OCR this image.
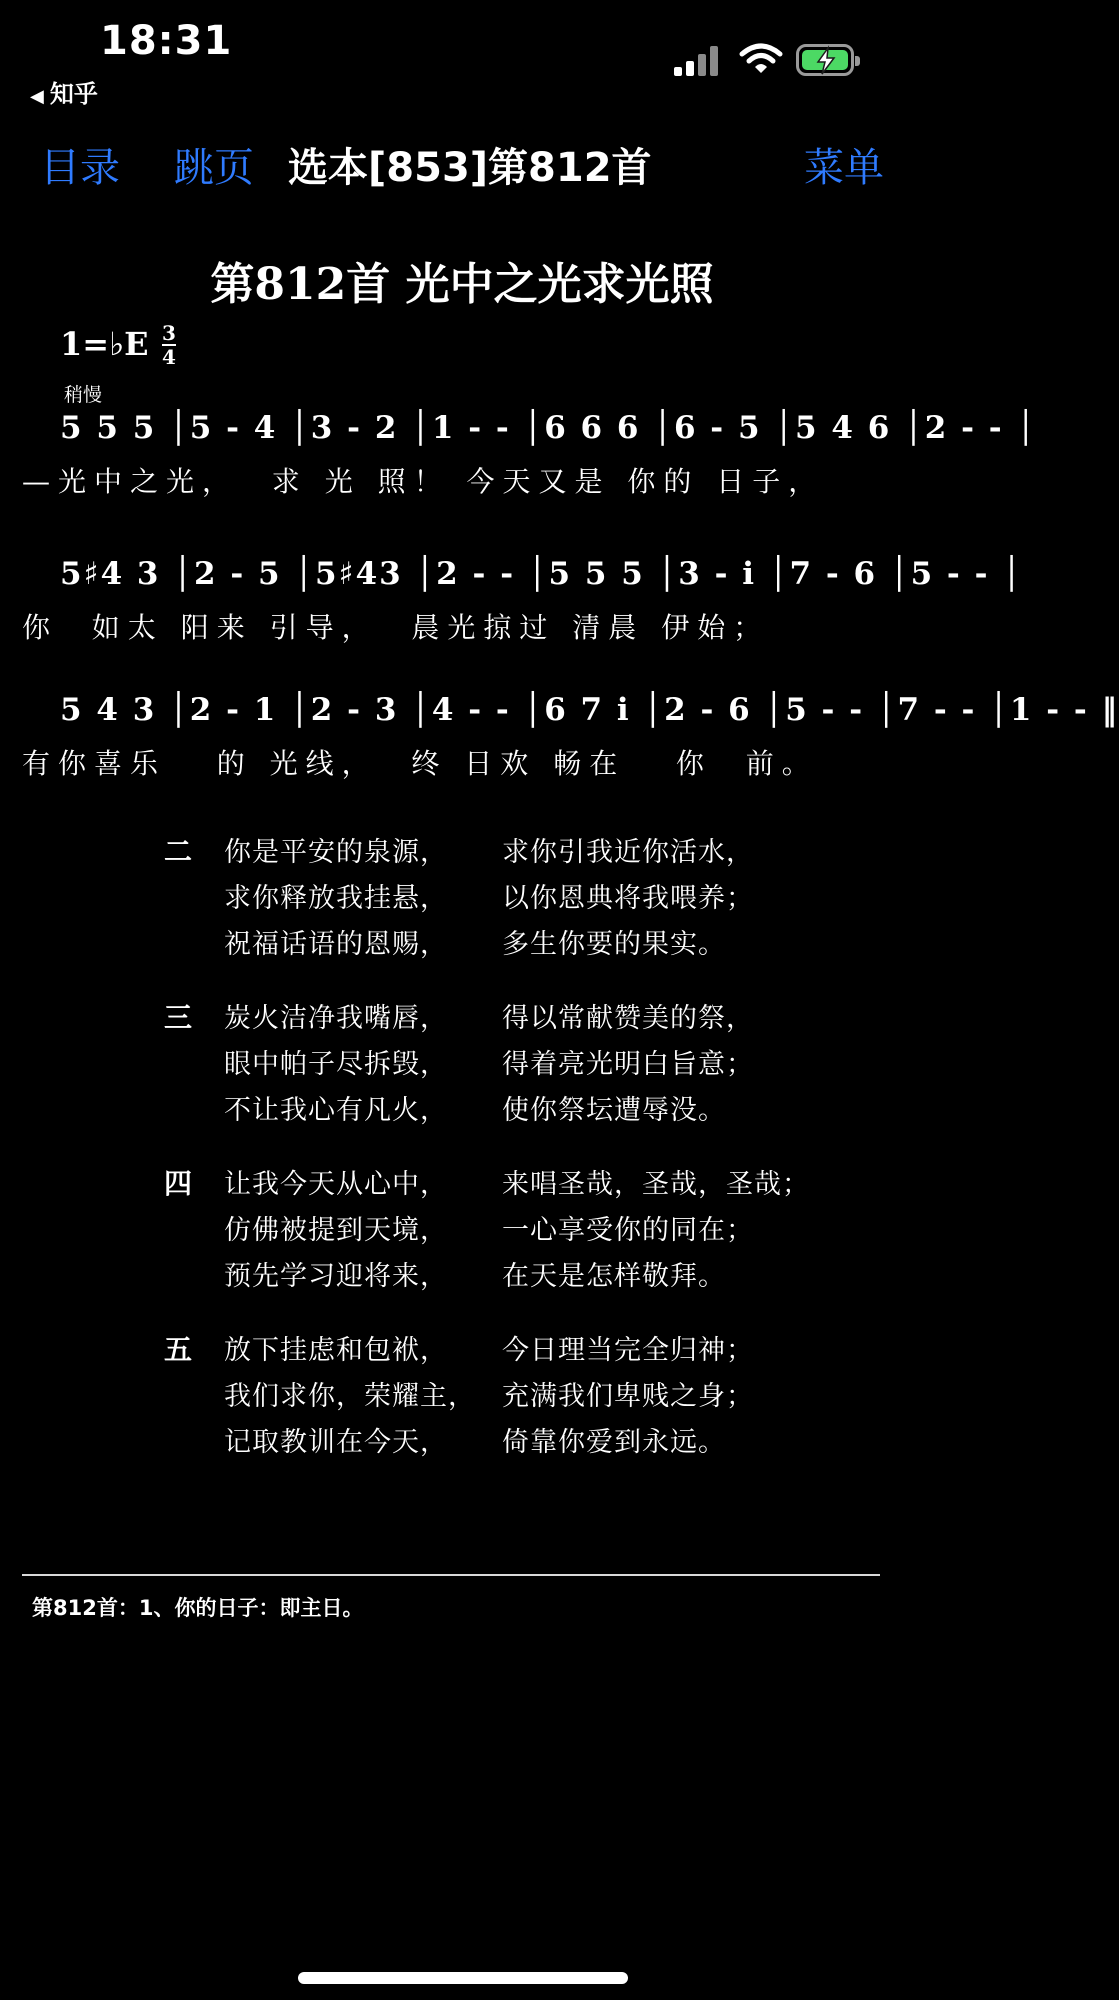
18:31
◀ 知乎
目录 跳页 选本[853]第812首	菜单
第812首 光中之光求光照
1=♭E 3
4
稍慢
5 5 5 │5 - 4 │3 - 2 │1 - - │6 6 6 │6 - 5 │5 4 6 │2 - - │
—光中之光，  求 光 照！ 今天又是 你的 日子，
5♯4 3 │2 - 5 │5♯43 │2 - - │5 5 5 │3 - i │7 - 6 │5 - - │
你  如太 阳来 引导，  晨光掠过 清晨 伊始；
5 4 3 │2 - 1 │2 - 3 │4 - - │6 7 i │2 - 6 │5 - - │7 - - │1 - - ‖
有你喜乐   的 光线，  终 日欢 畅在   你  前。
二 你是平安的泉源， 求你引我近你活水，
求你释放我挂悬， 以你恩典将我喂养；
祝福话语的恩赐， 多生你要的果实。
三 炭火洁净我嘴唇， 得以常献赞美的祭，
眼中帕子尽拆毁， 得着亮光明白旨意；
不让我心有凡火， 使你祭坛遭辱没。
四 让我今天从心中， 来唱圣哉，圣哉，圣哉；
仿佛被提到天境， 一心享受你的同在；
预先学习迎将来， 在天是怎样敬拜。
五 放下挂虑和包袱， 今日理当完全归神；
我们求你，荣耀主， 充满我们卑贱之身；
记取教训在今天， 倚靠你爱到永远。
第812首：1、你的日子：即主日。
